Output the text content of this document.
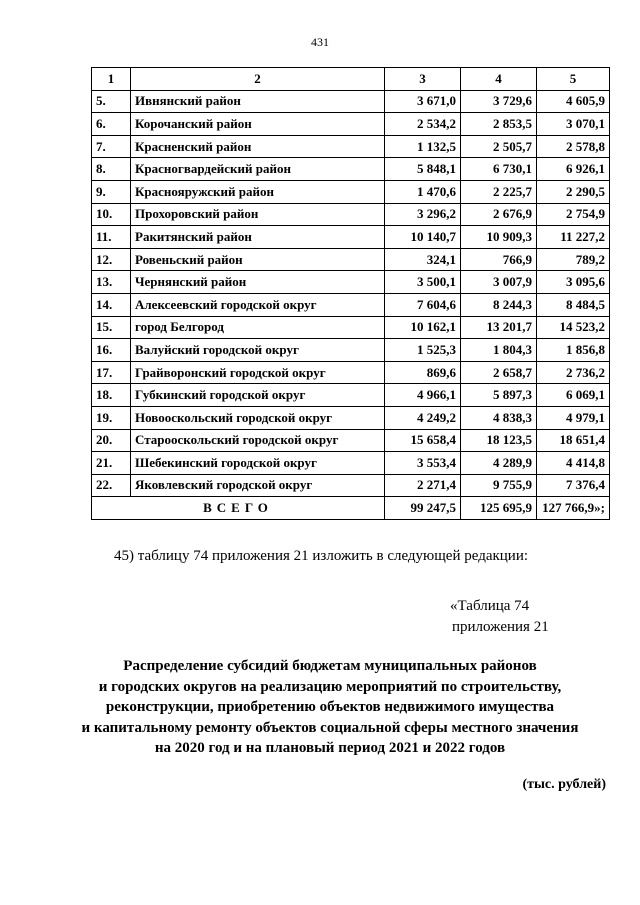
431
1	2	3	4	5
5.	Ивнянский район	3 671,0	3 729,6	4 605,9
6.	Корочанский район	2 534,2	2 853,5	3 070,1
7.	Красненский район	1 132,5	2 505,7	2 578,8
8.	Красногвардейский район	5 848,1	6 730,1	6 926,1
9.	Краснояружский район	1 470,6	2 225,7	2 290,5
10.	Прохоровский район	3 296,2	2 676,9	2 754,9
11.	Ракитянский район	10 140,7	10 909,3	11 227,2
12.	Ровеньский район	324,1	766,9	789,2
13.	Чернянский район	3 500,1	3 007,9	3 095,6
14.	Алексеевский городской округ	7 604,6	8 244,3	8 484,5
15.	город Белгород	10 162,1	13 201,7	14 523,2
16.	Валуйский городской округ	1 525,3	1 804,3	1 856,8
17.	Грайворонский городской округ	869,6	2 658,7	2 736,2
18.	Губкинский городской округ	4 966,1	5 897,3	6 069,1
19.	Новооскольский городской округ	4 249,2	4 838,3	4 979,1
20.	Старооскольский городской округ	15 658,4	18 123,5	18 651,4
21.	Шебекинский городской округ	3 553,4	4 289,9	4 414,8
22.	Яковлевский городской округ	2 271,4	9 755,9	7 376,4
ВСЕГО		99 247,5	125 695,9	127 766,9»;
45) таблицу 74 приложения 21 изложить в следующей редакции:
«Таблица 74
приложения 21
Распределение субсидий бюджетам муниципальных районов
и городских округов на реализацию мероприятий по строительству,
реконструкции, приобретению объектов недвижимого имущества
и капитальному ремонту объектов социальной сферы местного значения
на 2020 год и на плановый период 2021 и 2022 годов
(тыс. рублей)
